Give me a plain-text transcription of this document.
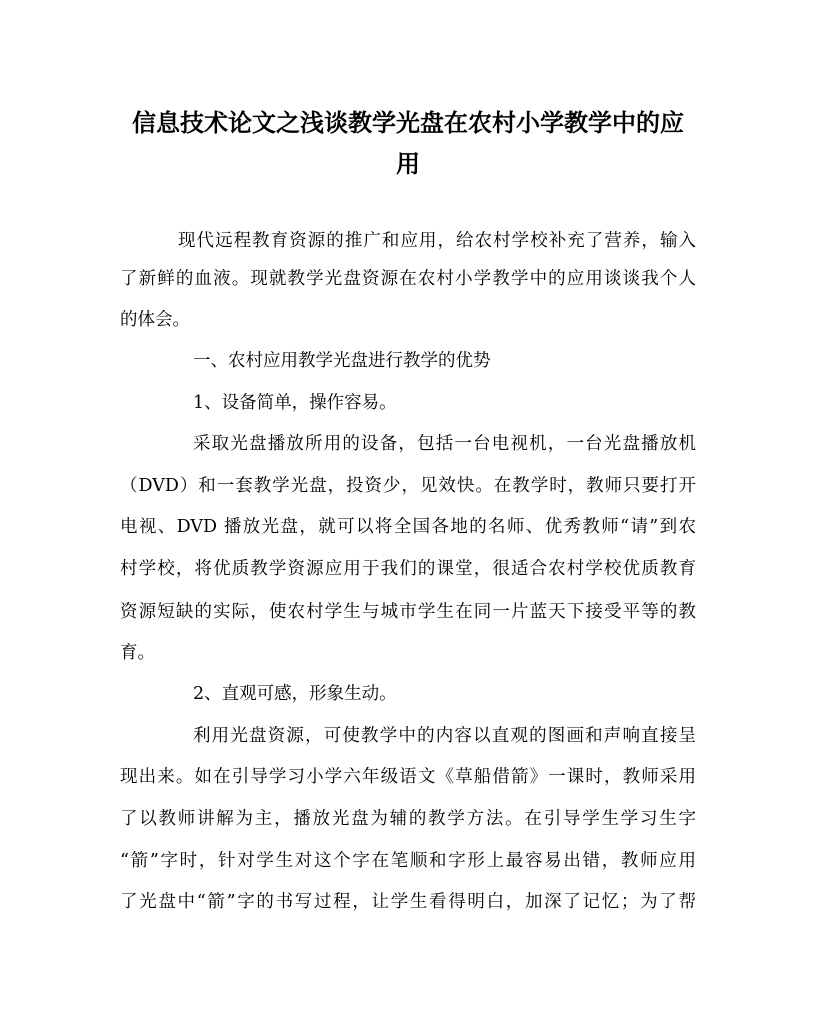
信息技术论文之浅谈教学光盘在农村小学教学中的应
用

现代远程教育资源的推广和应用，给农村学校补充了营养，输入

了新鲜的血液。现就教学光盘资源在农村小学教学中的应用谈谈我个人

的体会。

一、农村应用教学光盘进行教学的优势

1、设备简单，操作容易。

采取光盘播放所用的设备，包括一台电视机，一台光盘播放机

（DVD）和一套教学光盘，投资少，见效快。在教学时，教师只要打开

电视、DVD 播放光盘，就可以将全国各地的名师、优秀教师“请”到农

村学校，将优质教学资源应用于我们的课堂，很适合农村学校优质教育

资源短缺的实际，使农村学生与城市学生在同一片蓝天下接受平等的教

育。

2、直观可感，形象生动。

利用光盘资源，可使教学中的内容以直观的图画和声响直接呈

现出来。如在引导学习小学六年级语文《草船借箭》一课时，教师采用

了以教师讲解为主，播放光盘为辅的教学方法。在引导学生学习生字

“箭”字时，针对学生对这个字在笔顺和字形上最容易出错，教师应用

了光盘中“箭”字的书写过程，让学生看得明白，加深了记忆；为了帮
